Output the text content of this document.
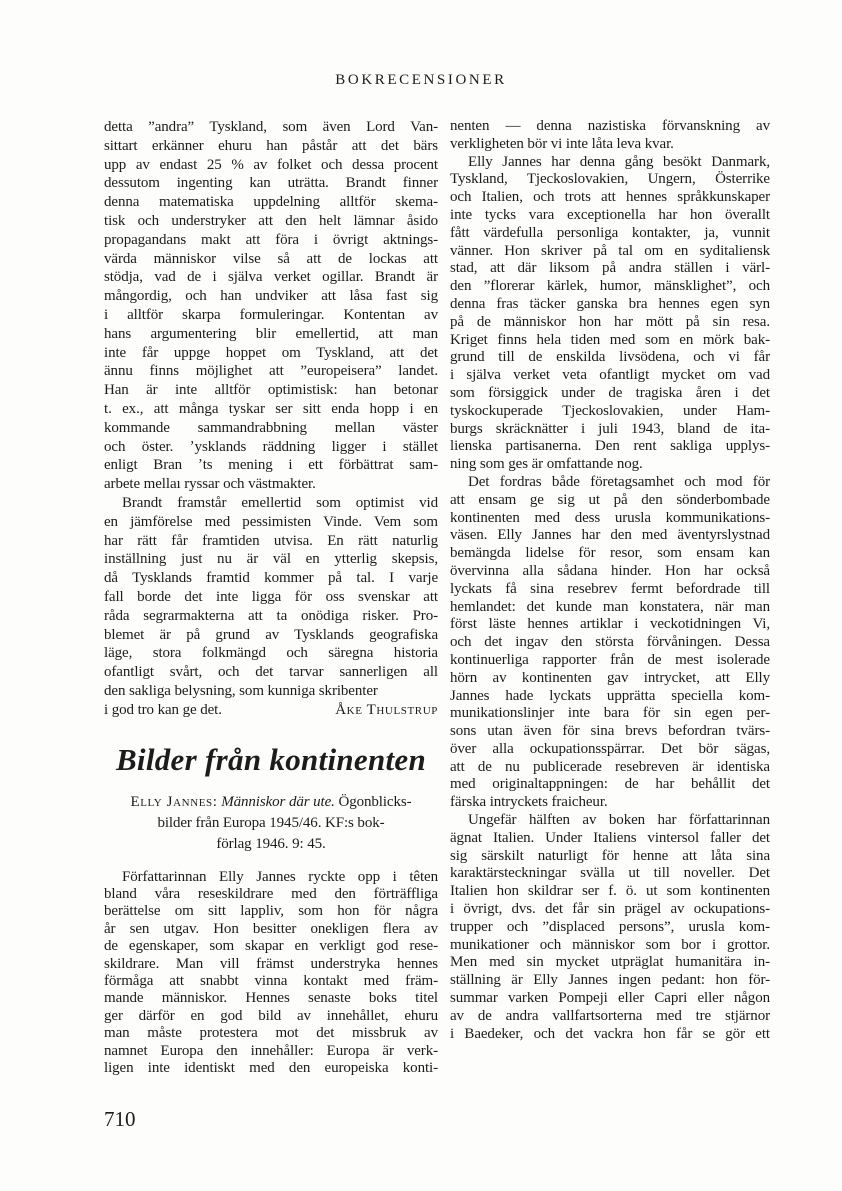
BOKRECENSIONER
detta ”andra” Tyskland, som även Lord Van-
sittart erkänner ehuru han påstår att det bärs
upp av endast 25 % av folket och dessa procent
dessutom ingenting kan uträtta. Brandt finner
denna matematiska uppdelning alltför skema-
tisk och understryker att den helt lämnar åsido
propagandans makt att föra i övrigt aktnings-
värda människor vilse så att de lockas att
stödja, vad de i själva verket ogillar. Brandt är
mångordig, och han undviker att låsa fast sig
i alltför skarpa formuleringar. Kontentan av
hans argumentering blir emellertid, att man
inte får uppge hoppet om Tyskland, att det
ännu finns möjlighet att ”europeisera” landet.
Han är inte alltför optimistisk: han betonar
t. ex., att många tyskar ser sitt enda hopp i en
kommande sammandrabbning mellan väster
och öster. ʼysklands räddning ligger i stället
enligt Bran ʼts mening i ett förbättrat sam-
arbete mellaı ryssar och västmakter.
Brandt framstår emellertid som optimist vid
en jämförelse med pessimisten Vinde. Vem som
har rätt får framtiden utvisa. En rätt naturlig
inställning just nu är väl en ytterlig skepsis,
då Tysklands framtid kommer på tal. I varje
fall borde det inte ligga för oss svenskar att
råda segrarmakterna att ta onödiga risker. Pro-
blemet är på grund av Tysklands geografiska
läge, stora folkmängd och säregna historia
ofantligt svårt, och det tarvar sannerligen all
den sakliga belysning, som kunniga skribenter
i god tro kan ge det.	Åke Thulstrup
Bilder från kontinenten
Elly Jannes: Människor där ute. Ögonblicks-
bilder från Europa 1945/46. KF:s bok-
förlag 1946. 9: 45.
Författarinnan Elly Jannes ryckte opp i têten
bland våra reseskildrare med den förträffliga
berättelse om sitt lappliv, som hon för några
år sen utgav. Hon besitter onekligen flera av
de egenskaper, som skapar en verkligt god rese-
skildrare. Man vill främst understryka hennes
förmåga att snabbt vinna kontakt med främ-
mande människor. Hennes senaste boks titel
ger därför en god bild av innehållet, ehuru
man måste protestera mot det missbruk av
namnet Europa den innehåller: Europa är verk-
ligen inte identiskt med den europeiska konti-
710
nenten — denna nazistiska förvanskning av
verkligheten bör vi inte låta leva kvar.
Elly Jannes har denna gång besökt Danmark,
Tyskland, Tjeckoslovakien, Ungern, Österrike
och Italien, och trots att hennes språkkunskaper
inte tycks vara exceptionella har hon överallt
fått värdefulla personliga kontakter, ja, vunnit
vänner. Hon skriver på tal om en syditaliensk
stad, att där liksom på andra ställen i värl-
den ”florerar kärlek, humor, mänsklighet”, och
denna fras täcker ganska bra hennes egen syn
på de människor hon har mött på sin resa.
Kriget finns hela tiden med som en mörk bak-
grund till de enskilda livsödena, och vi får
i själva verket veta ofantligt mycket om vad
som försiggick under de tragiska åren i det
tyskockuperade Tjeckoslovakien, under Ham-
burgs skräcknätter i juli 1943, bland de ita-
lienska partisanerna. Den rent sakliga upplys-
ning som ges är omfattande nog.
Det fordras både företagsamhet och mod för
att ensam ge sig ut på den sönderbombade
kontinenten med dess urusla kommunikations-
väsen. Elly Jannes har den med äventyrslystnad
bemängda lidelse för resor, som ensam kan
övervinna alla sådana hinder. Hon har också
lyckats få sina resebrev fermt befordrade till
hemlandet: det kunde man konstatera, när man
först läste hennes artiklar i veckotidningen Vi,
och det ingav den största förvåningen. Dessa
kontinuerliga rapporter från de mest isolerade
hörn av kontinenten gav intrycket, att Elly
Jannes hade lyckats upprätta speciella kom-
munikationslinjer inte bara för sin egen per-
sons utan även för sina brevs befordran tvärs-
över alla ockupationsspärrar. Det bör sägas,
att de nu publicerade resebreven är identiska
med originaltappningen: de har behållit det
färska intryckets fraicheur.
Ungefär hälften av boken har författarinnan
ägnat Italien. Under Italiens vintersol faller det
sig särskilt naturligt för henne att låta sina
karaktärsteckningar svälla ut till noveller. Det
Italien hon skildrar ser f. ö. ut som kontinenten
i övrigt, dvs. det får sin prägel av ockupations-
trupper och ”displaced persons”, urusla kom-
munikationer och människor som bor i grottor.
Men med sin mycket utpräglat humanitära in-
ställning är Elly Jannes ingen pedant: hon för-
summar varken Pompeji eller Capri eller någon
av de andra vallfartsorterna med tre stjärnor
i Baedeker, och det vackra hon får se gör ett
